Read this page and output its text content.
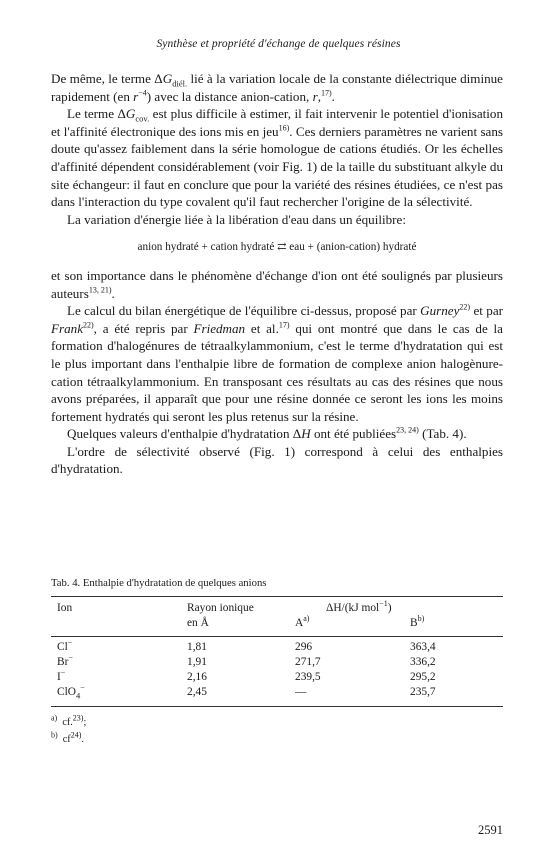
Synthèse et propriété d'échange de quelques résines

De même, le terme $\Delta G_{diél.}$ lié à la variation locale de la constante diélectrique diminue rapidement (en $r^{-4}$) avec la distance anion-cation, r,$^{17)}$.

Le terme $\Delta G_{cov.}$ est plus difficile à estimer, il fait intervenir le potentiel d'ionisation et l'affinité électronique des ions mis en jeu$^{16)}$. Ces derniers paramètres ne varient sans doute qu'assez faiblement dans la série homologue de cations étudiés. Or les échelles d'affinité dépendent considérablement (voir Fig. 1) de la taille du substituant alkyle du site échangeur: il faut en conclure que pour la variété des résines étudiées, ce n'est pas dans l'interaction du type covalent qu'il faut rechercher l'origine de la sélectivité.

La variation d'énergie liée à la libération d'eau dans un équilibre:

anion hydraté + cation hydraté ⇄ eau + (anion-cation) hydraté

et son importance dans le phénomène d'échange d'ion ont été soulignés par plusieurs auteurs$^{13, 21)}$.

Le calcul du bilan énergétique de l'équilibre ci-dessus, proposé par Gurney$^{22)}$ et par Frank$^{22)}$, a été repris par Friedman et al.$^{17)}$ qui ont montré que dans le cas de la formation d'halogénures de tétraalkylammonium, c'est le terme d'hydratation qui est le plus important dans l'enthalpie libre de formation de complexe anion halogènure-cation tétraalkylammonium. En transposant ces résultats au cas des résines que nous avons préparées, il apparaît que pour une résine donnée ce seront les ions les moins fortement hydratés qui seront les plus retenus sur la résine.

Quelques valeurs d'enthalpie d'hydratation ΔH ont été publiées$^{23, 24)}$ (Tab. 4).

L'ordre de sélectivité observé (Fig. 1) correspond à celui des enthalpies d'hydratation.

Tab. 4. Enthalpie d'hydratation de quelques anions
Ion	Rayon ionique	ΔH/(kJ mol$^{-1}$)
en Å	$A^{a)}$	$B^{b)}$
Cl−	1,81	296	363,4
Br−	1,91	271,7	336,2
I−	2,16	239,5	295,2
ClO$_4$−	2,45	—	235,7
$^{a)}$ cf.$^{23)}$;
$^{b)}$ $cf^{24)}$.
2591
